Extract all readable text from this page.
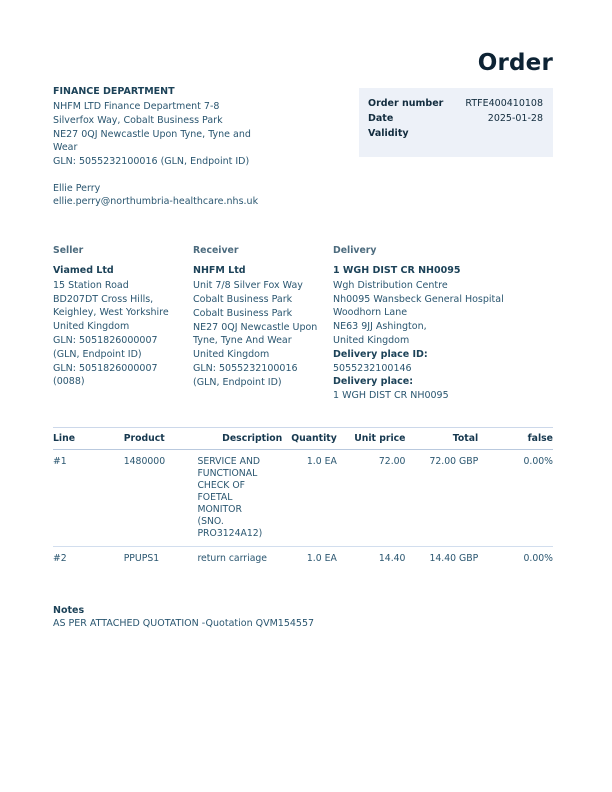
Order
FINANCE DEPARTMENT
NHFM LTD Finance Department 7-8
Silverfox Way, Cobalt Business Park
NE27 0QJ Newcastle Upon Tyne, Tyne and Wear
GLN: 5055232100016 (GLN, Endpoint ID)
Ellie Perry
ellie.perry@northumbria-healthcare.nhs.uk
Order number RTFE400410108
Date	2025-01-28
Validity
Seller
Viamed Ltd
15 Station Road
BD207DT Cross Hills, Keighley, West Yorkshire
United Kingdom
GLN: 5051826000007 (GLN, Endpoint ID)
GLN: 5051826000007 (0088)
Receiver
NHFM Ltd
Unit 7/8 Silver Fox Way
Cobalt Business Park
Cobalt Business Park
NE27 0QJ Newcastle Upon Tyne, Tyne And Wear
United Kingdom
GLN: 5055232100016 (GLN, Endpoint ID)
Delivery
1 WGH DIST CR NH0095
Wgh Distribution Centre
Nh0095 Wansbeck General Hospital Woodhorn Lane
NE63 9JJ Ashington,
United Kingdom
Delivery place ID:
5055232100146
Delivery place:
1 WGH DIST CR NH0095
Line	Product	Description	Quantity	Unit price	Total	false
#1	1480000	SERVICE AND FUNCTIONAL CHECK OF FOETAL MONITOR (SNO. PRO3124A12)	1.0 EA	72.00	72.00 GBP	0.00%
#2	PPUPS1	return carriage	1.0 EA	14.40	14.40 GBP	0.00%
Notes
AS PER ATTACHED QUOTATION -Quotation QVM154557
